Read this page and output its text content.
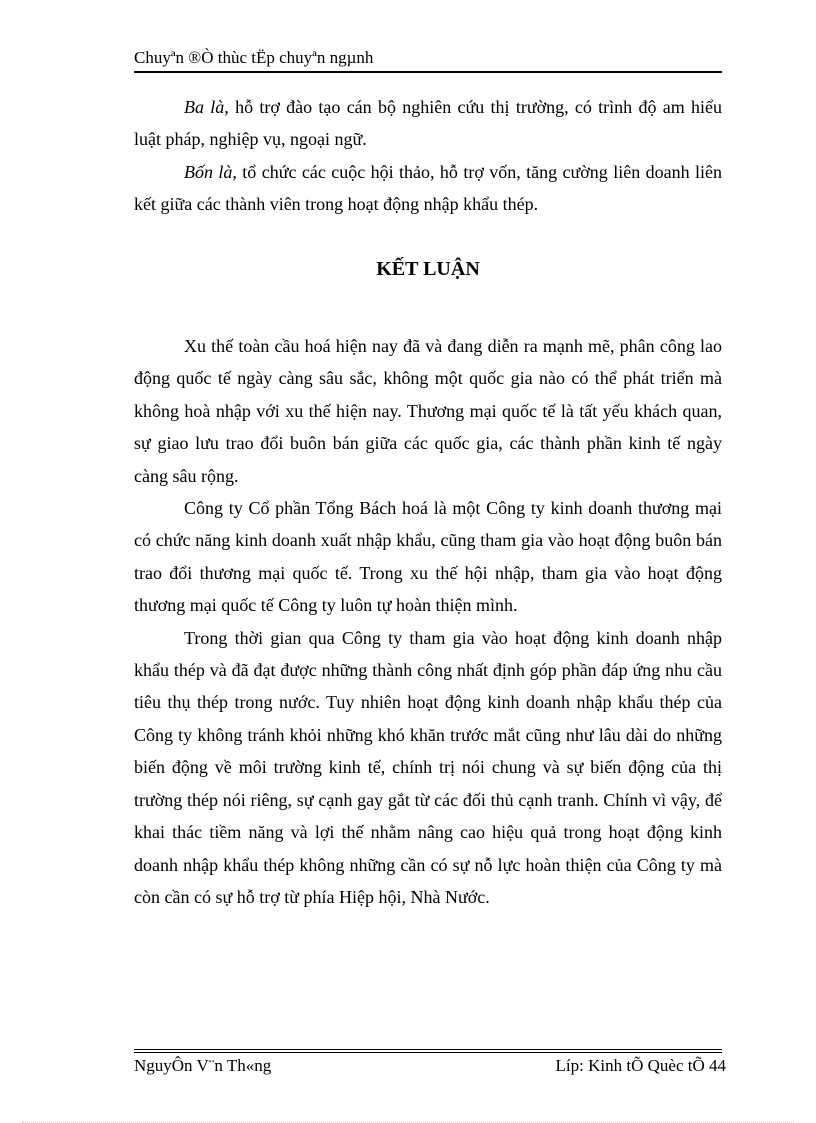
Chuyªn ®Ò thùc tËp chuyªn ngµnh

Ba là, hỗ trợ đào tạo cán bộ nghiên cứu thị trường, có trình độ am hiểu luật pháp, nghiệp vụ, ngoại ngữ.

Bốn là, tổ chức các cuộc hội thảo, hỗ trợ vốn, tăng cường liên doanh liên kết giữa các thành viên trong hoạt động nhập khẩu thép.

KẾT LUẬN

Xu thế toàn cầu hoá hiện nay đã và đang diễn ra mạnh mẽ, phân công lao động quốc tế ngày càng sâu sắc, không một quốc gia nào có thể phát triển mà không hoà nhập với xu thế hiện nay. Thương mại quốc tế là tất yếu khách quan, sự giao lưu trao đổi buôn bán giữa các quốc gia, các thành phần kinh tế ngày càng sâu rộng.

Công ty Cổ phần Tổng Bách hoá là một Công ty kinh doanh thương mại có chức năng kinh doanh xuất nhập khẩu, cũng tham gia vào hoạt động buôn bán trao đổi thương mại quốc tế. Trong xu thế hội nhập, tham gia vào hoạt động thương mại quốc tế Công ty luôn tự hoàn thiện mình.

Trong thời gian qua Công ty tham gia vào hoạt động kinh doanh nhập khẩu thép và đã đạt được những thành công nhất định góp phần đáp ứng nhu cầu tiêu thụ thép trong nước. Tuy nhiên hoạt động kinh doanh nhập khẩu thép của Công ty không tránh khỏi những khó khăn trước mắt cũng như lâu dài do những biến động về môi trường kinh tế, chính trị nói chung và sự biến động của thị trường thép nói riêng, sự cạnh gay gắt từ các đối thủ cạnh tranh. Chính vì vậy, để khai thác tiềm năng và lợi thế nhằm nâng cao hiệu quả trong hoạt động kinh doanh nhập khẩu thép không những cần có sự nỗ lực hoàn thiện của Công ty mà còn cần có sự hỗ trợ từ phía Hiệp hội, Nhà Nước.

NguyÔn V¨n Th«ng	Líp: Kinh tÕ Quèc tÕ 44
